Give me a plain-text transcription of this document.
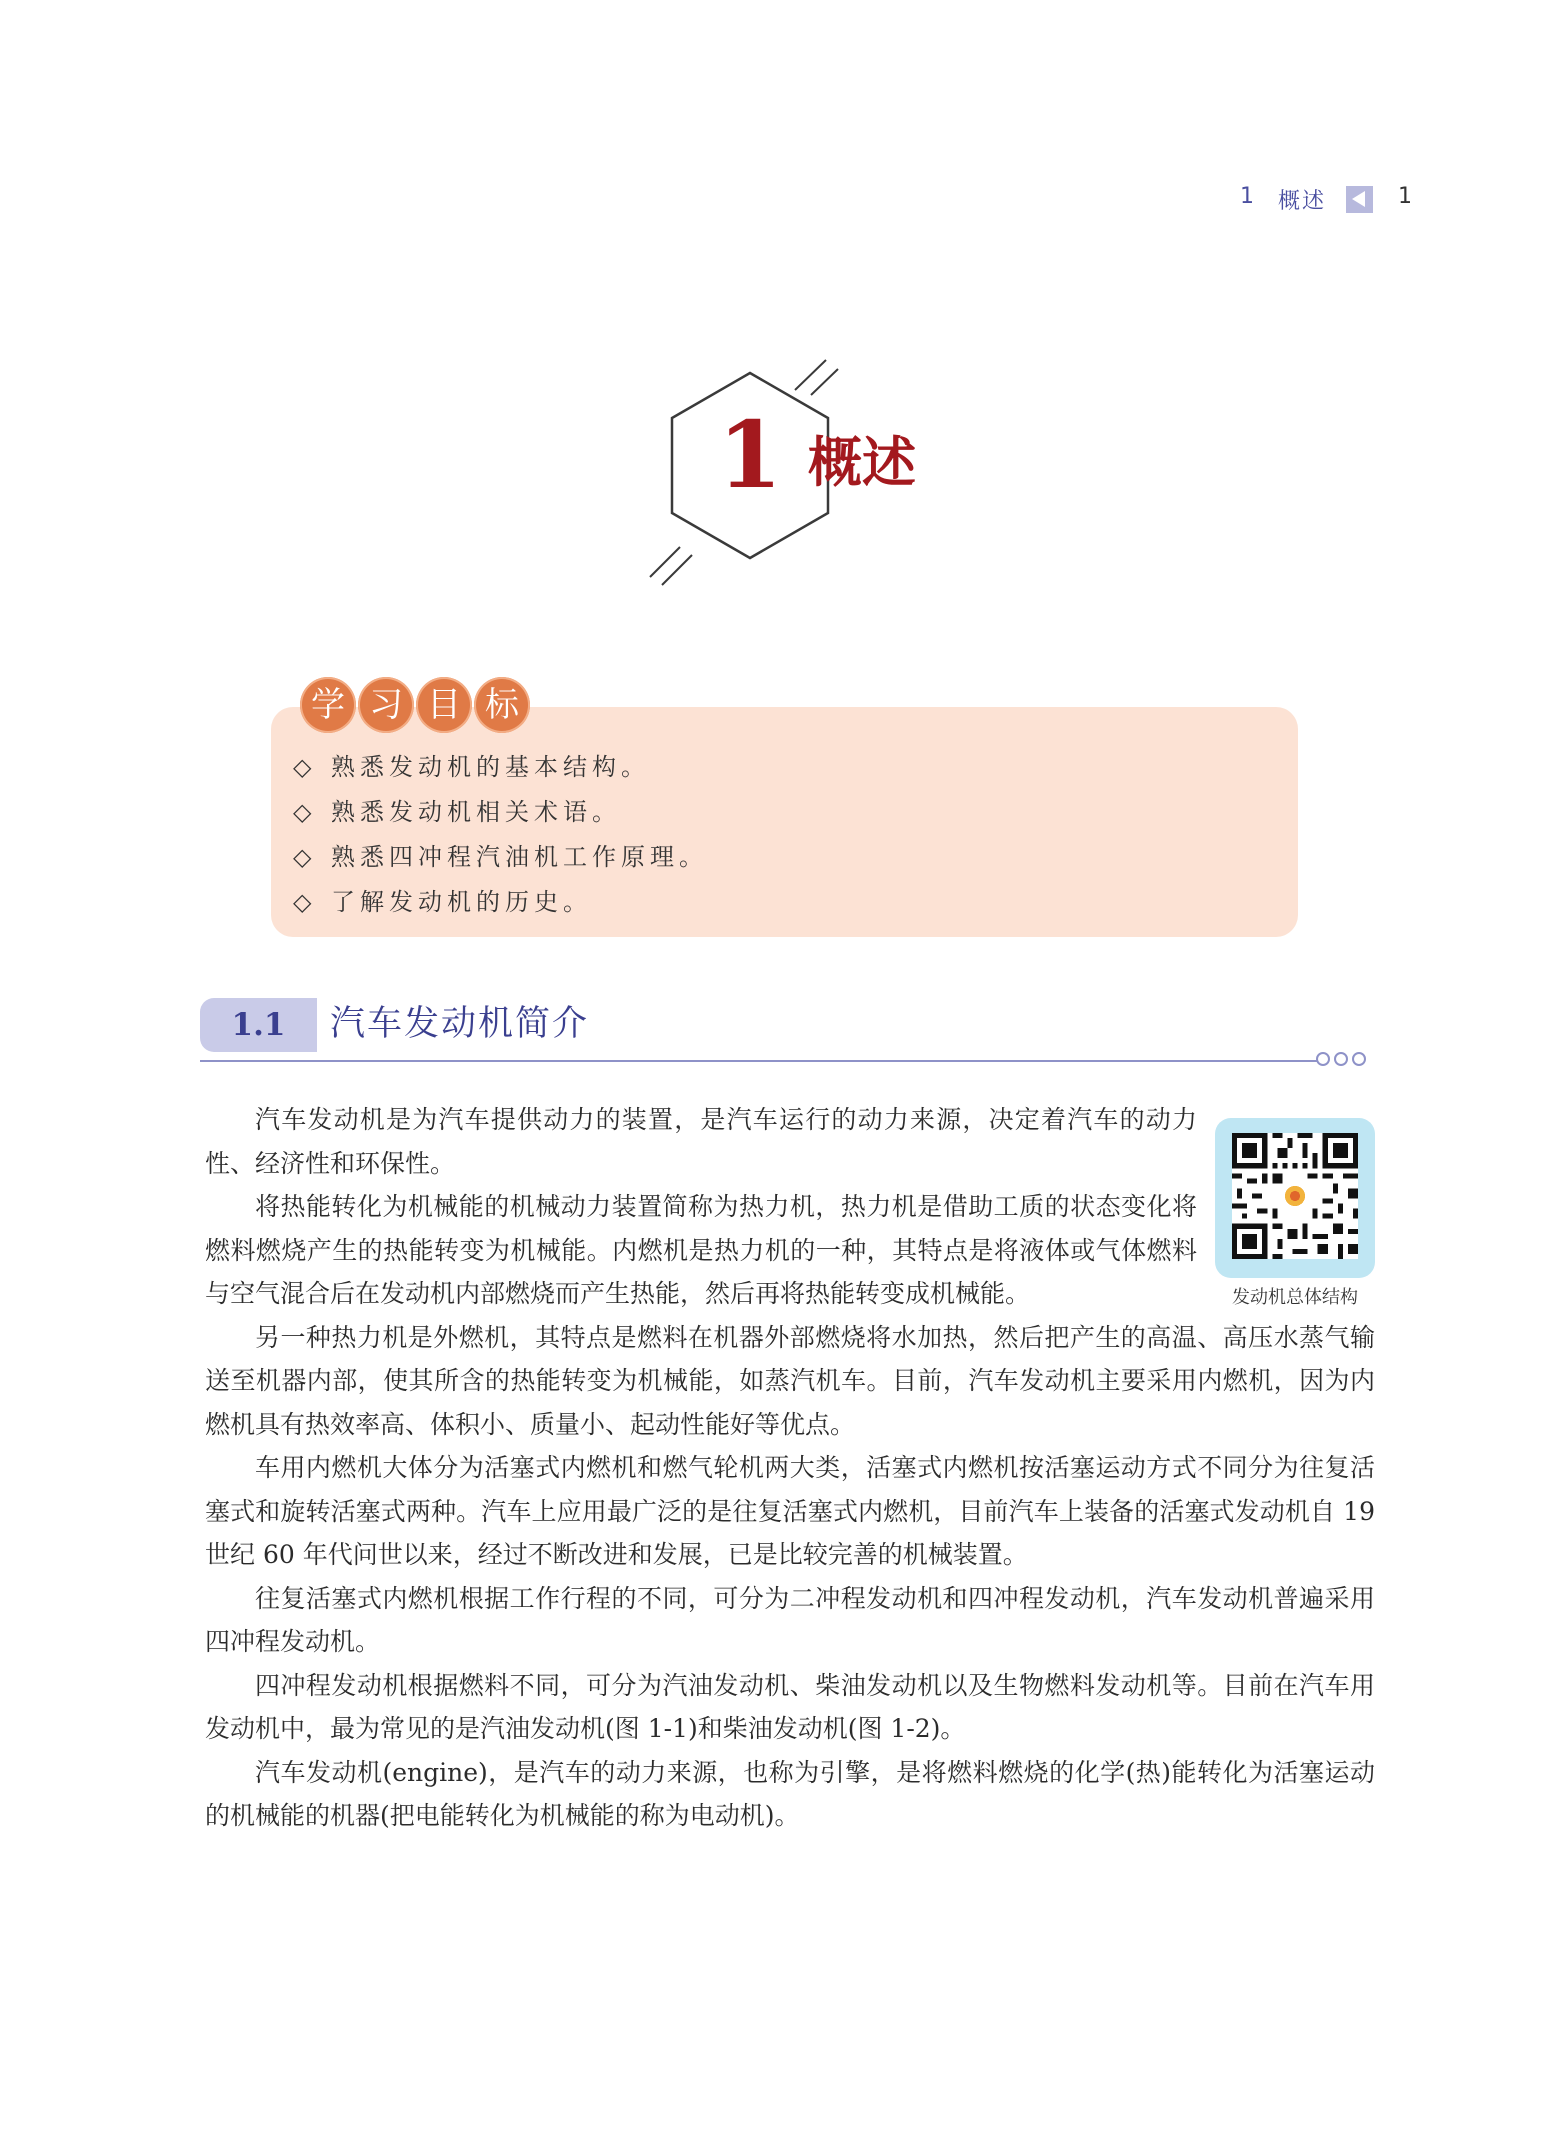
1 概述	1
1 概述
学 习 目 标
◇ 熟悉发动机的基本结构。
◇ 熟悉发动机相关术语。
◇ 熟悉四冲程汽油机工作原理。
◇ 了解发动机的历史。
1.1	汽车发动机简介
发动机总体结构

汽车发动机是为汽车提供动力的装置，是汽车运行的动力来源，决定着汽车的动力性、经济性和环保性。

将热能转化为机械能的机械动力装置简称为热力机，热力机是借助工质的状态变化将燃料燃烧产生的热能转变为机械能。内燃机是热力机的一种，其特点是将液体或气体燃料与空气混合后在发动机内部燃烧而产生热能，然后再将热能转变成机械能。

另一种热力机是外燃机，其特点是燃料在机器外部燃烧将水加热，然后把产生的高温、高压水蒸气输送至机器内部，使其所含的热能转变为机械能，如蒸汽机车。目前，汽车发动机主要采用内燃机，因为内燃机具有热效率高、体积小、质量小、起动性能好等优点。

车用内燃机大体分为活塞式内燃机和燃气轮机两大类，活塞式内燃机按活塞运动方式不同分为往复活塞式和旋转活塞式两种。汽车上应用最广泛的是往复活塞式内燃机，目前汽车上装备的活塞式发动机自 19 世纪 60 年代问世以来，经过不断改进和发展，已是比较完善的机械装置。

往复活塞式内燃机根据工作行程的不同，可分为二冲程发动机和四冲程发动机，汽车发动机普遍采用四冲程发动机。

四冲程发动机根据燃料不同，可分为汽油发动机、柴油发动机以及生物燃料发动机等。目前在汽车用发动机中，最为常见的是汽油发动机(图 1-1)和柴油发动机(图 1-2)。

汽车发动机(engine)，是汽车的动力来源，也称为引擎，是将燃料燃烧的化学(热)能转化为活塞运动的机械能的机器(把电能转化为机械能的称为电动机)。
